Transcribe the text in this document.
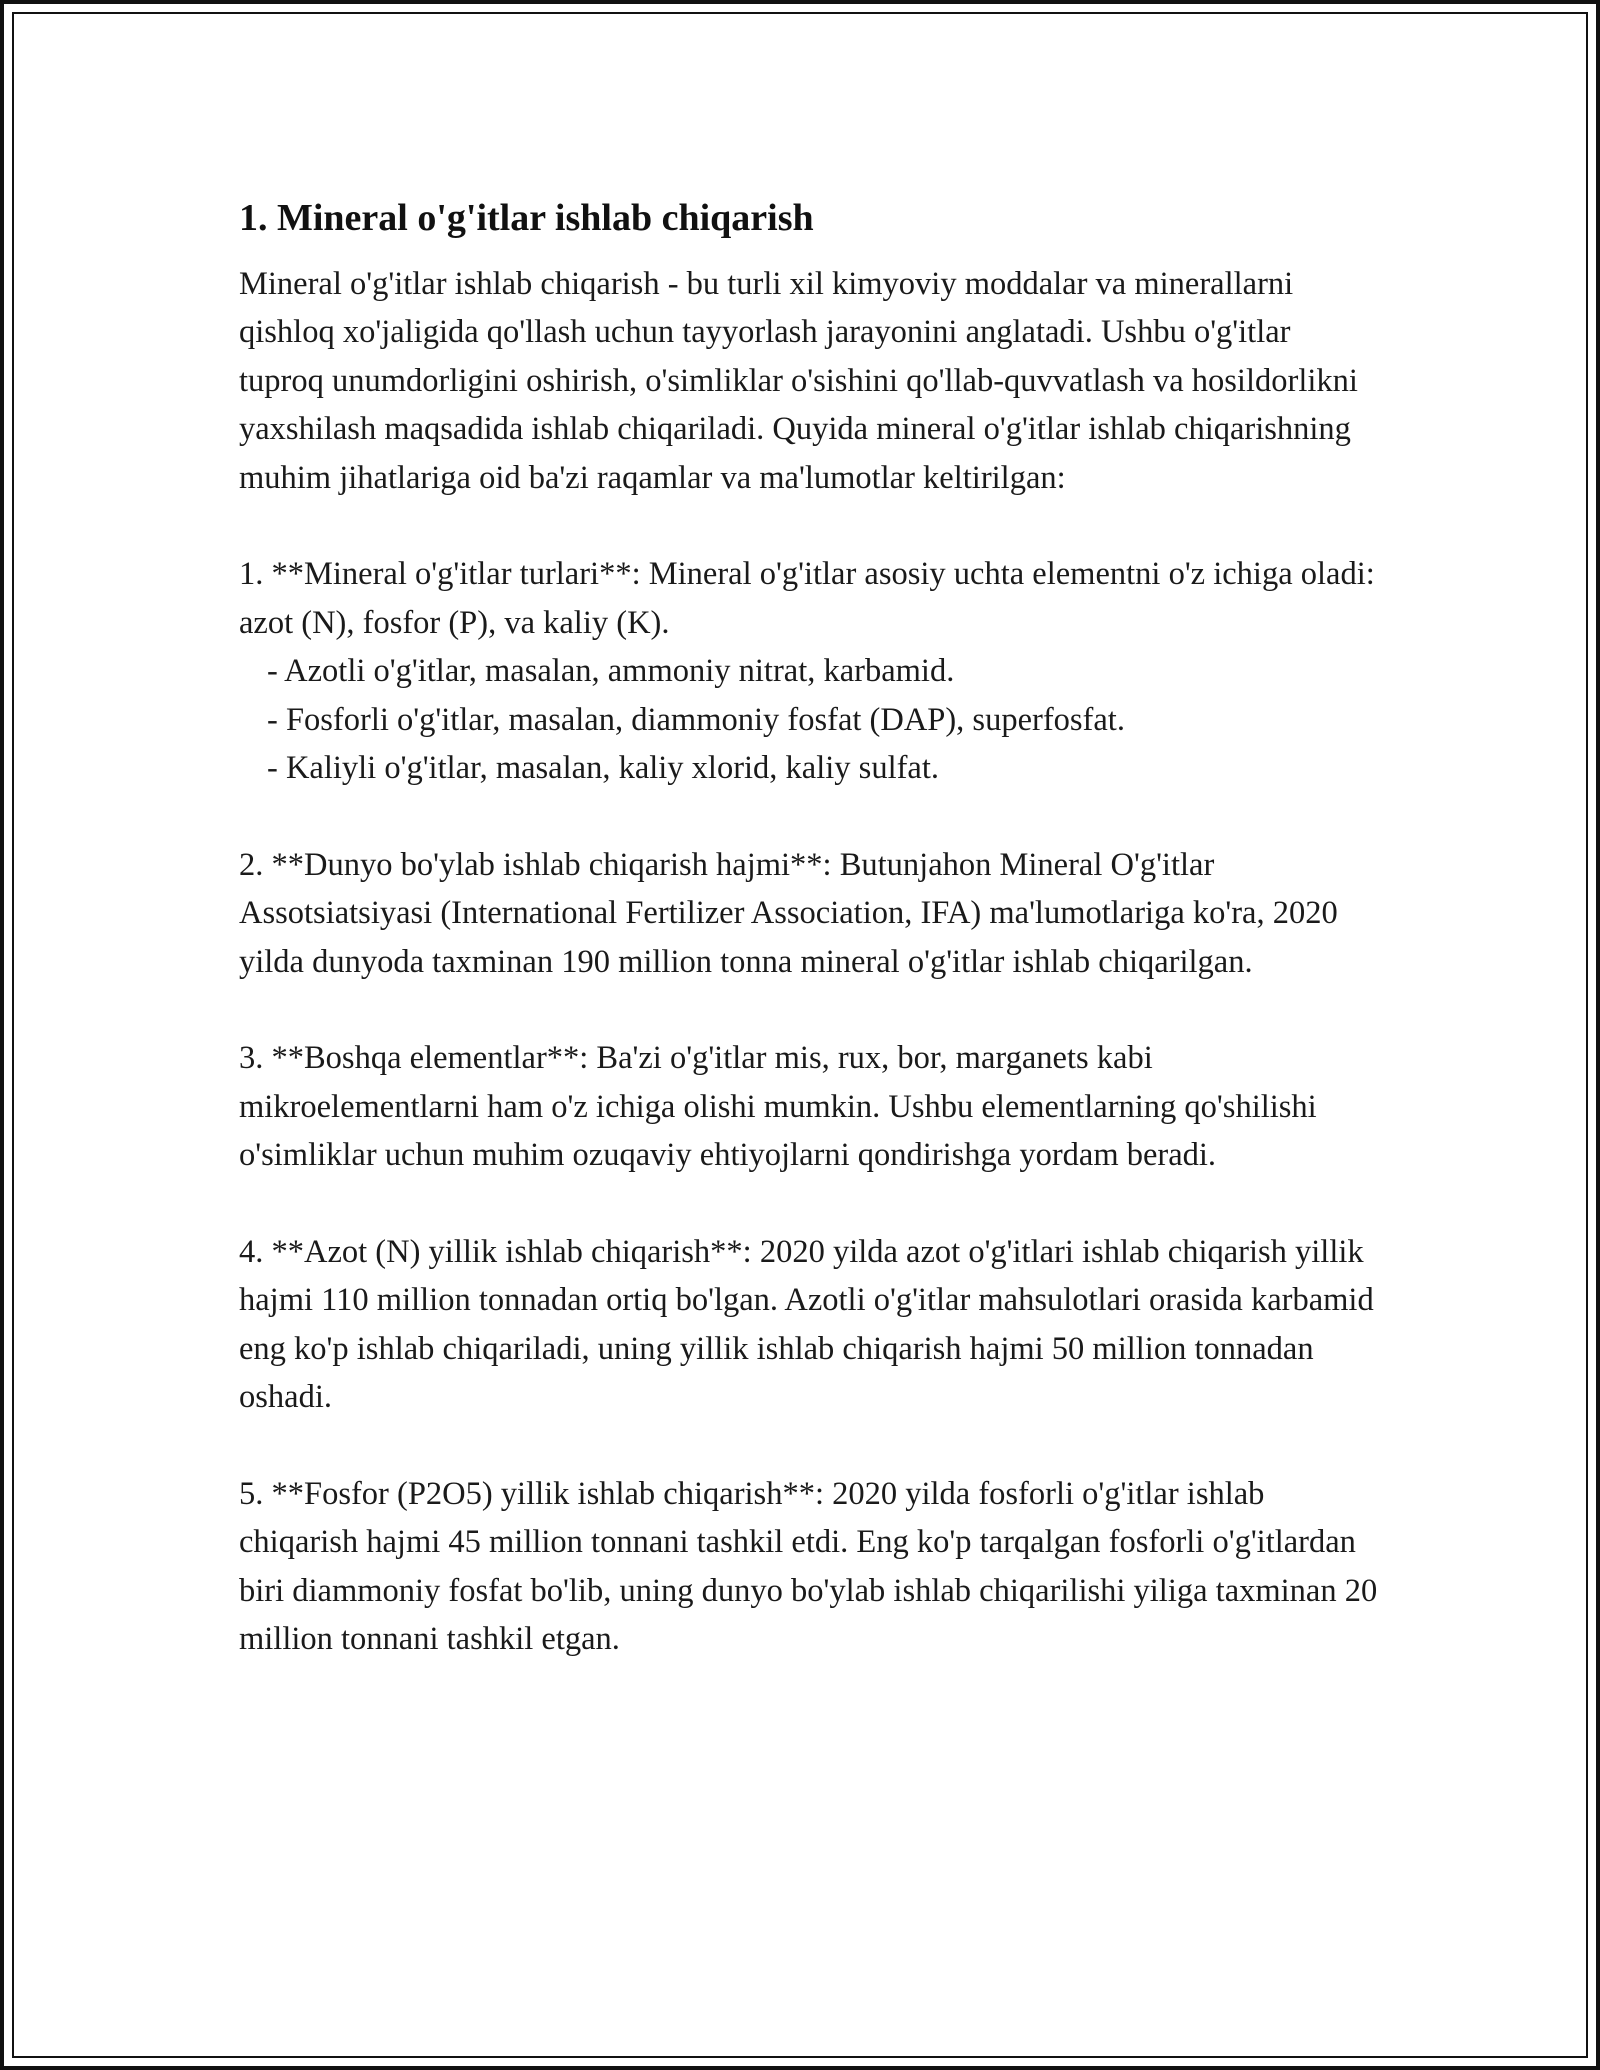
1. Mineral o'g'itlar ishlab chiqarish

Mineral o'g'itlar ishlab chiqarish - bu turli xil kimyoviy moddalar va minerallarni qishloq xo'jaligida qo'llash uchun tayyorlash jarayonini anglatadi. Ushbu o'g'itlar tuproq unumdorligini oshirish, o'simliklar o'sishini qo'llab-quvvatlash va hosildorlikni yaxshilash maqsadida ishlab chiqariladi. Quyida mineral o'g'itlar ishlab chiqarishning muhim jihatlariga oid ba'zi raqamlar va ma'lumotlar keltirilgan:

1. **Mineral o'g'itlar turlari**: Mineral o'g'itlar asosiy uchta elementni o'z ichiga oladi: azot (N), fosfor (P), va kaliy (K).

- Azotli o'g'itlar, masalan, ammoniy nitrat, karbamid.
- Fosforli o'g'itlar, masalan, diammoniy fosfat (DAP), superfosfat.
- Kaliyli o'g'itlar, masalan, kaliy xlorid, kaliy sulfat.

2. **Dunyo bo'ylab ishlab chiqarish hajmi**: Butunjahon Mineral O'g'itlar Assotsiatsiyasi (International Fertilizer Association, IFA) ma'lumotlariga ko'ra, 2020 yilda dunyoda taxminan 190 million tonna mineral o'g'itlar ishlab chiqarilgan.

3. **Boshqa elementlar**: Ba'zi o'g'itlar mis, rux, bor, marganets kabi mikroelementlarni ham o'z ichiga olishi mumkin. Ushbu elementlarning qo'shilishi o'simliklar uchun muhim ozuqaviy ehtiyojlarni qondirishga yordam beradi.

4. **Azot (N) yillik ishlab chiqarish**: 2020 yilda azot o'g'itlari ishlab chiqarish yillik hajmi 110 million tonnadan ortiq bo'lgan. Azotli o'g'itlar mahsulotlari orasida karbamid eng ko'p ishlab chiqariladi, uning yillik ishlab chiqarish hajmi 50 million tonnadan oshadi.

5. **Fosfor (P2O5) yillik ishlab chiqarish**: 2020 yilda fosforli o'g'itlar ishlab chiqarish hajmi 45 million tonnani tashkil etdi. Eng ko'p tarqalgan fosforli o'g'itlardan biri diammoniy fosfat bo'lib, uning dunyo bo'ylab ishlab chiqarilishi yiliga taxminan 20 million tonnani tashkil etgan.
